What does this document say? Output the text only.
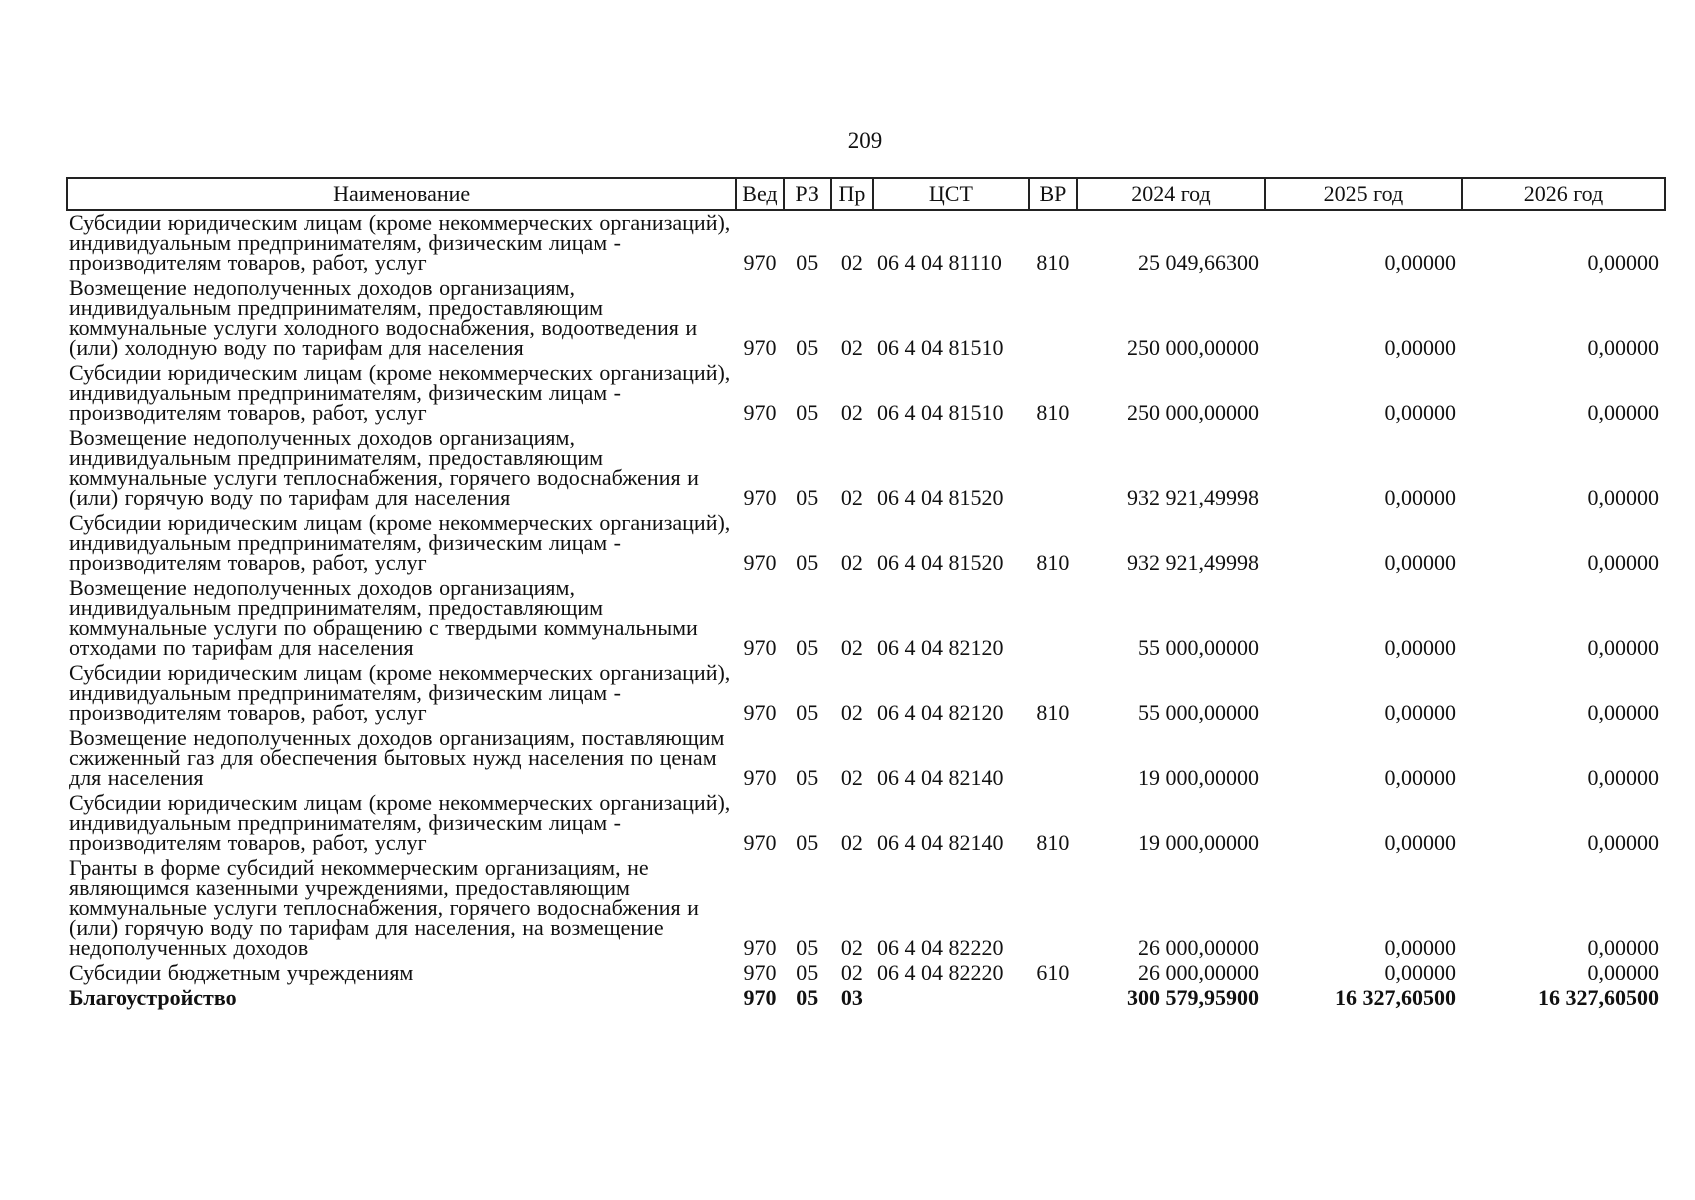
209
Наименование	Вед	РЗ	Пр	ЦСТ	ВР	2024 год	2025 год	2026 год
Субсидии юридическим лицам (кроме некоммерческих организаций), индивидуальным предпринимателям, физическим лицам - производителям товаров, работ, услуг	970	05	02	06 4 04 81110	810	25 049,66300	0,00000	0,00000
Возмещение недополученных доходов организациям, индивидуальным предпринимателям, предоставляющим коммунальные услуги холодного водоснабжения, водоотведения и (или) холодную воду по тарифам для населения	970	05	02	06 4 04 81510		250 000,00000	0,00000	0,00000
Субсидии юридическим лицам (кроме некоммерческих организаций), индивидуальным предпринимателям, физическим лицам - производителям товаров, работ, услуг	970	05	02	06 4 04 81510	810	250 000,00000	0,00000	0,00000
Возмещение недополученных доходов организациям, индивидуальным предпринимателям, предоставляющим коммунальные услуги теплоснабжения, горячего водоснабжения и (или) горячую воду по тарифам для населения	970	05	02	06 4 04 81520		932 921,49998	0,00000	0,00000
Субсидии юридическим лицам (кроме некоммерческих организаций), индивидуальным предпринимателям, физическим лицам - производителям товаров, работ, услуг	970	05	02	06 4 04 81520	810	932 921,49998	0,00000	0,00000
Возмещение недополученных доходов организациям, индивидуальным предпринимателям, предоставляющим коммунальные услуги по обращению с твердыми коммунальными отходами по тарифам для населения	970	05	02	06 4 04 82120		55 000,00000	0,00000	0,00000
Субсидии юридическим лицам (кроме некоммерческих организаций), индивидуальным предпринимателям, физическим лицам - производителям товаров, работ, услуг	970	05	02	06 4 04 82120	810	55 000,00000	0,00000	0,00000
Возмещение недополученных доходов организациям, поставляющим сжиженный газ для обеспечения бытовых нужд населения по ценам для населения	970	05	02	06 4 04 82140		19 000,00000	0,00000	0,00000
Субсидии юридическим лицам (кроме некоммерческих организаций), индивидуальным предпринимателям, физическим лицам - производителям товаров, работ, услуг	970	05	02	06 4 04 82140	810	19 000,00000	0,00000	0,00000
Гранты в форме субсидий некоммерческим организациям, не являющимся казенными учреждениями, предоставляющим коммунальные услуги теплоснабжения, горячего водоснабжения и (или) горячую воду по тарифам для населения, на возмещение недополученных доходов	970	05	02	06 4 04 82220		26 000,00000	0,00000	0,00000
Субсидии бюджетным учреждениям	970	05	02	06 4 04 82220	610	26 000,00000	0,00000	0,00000
Благоустройство	970	05	03			300 579,95900	16 327,60500	16 327,60500
